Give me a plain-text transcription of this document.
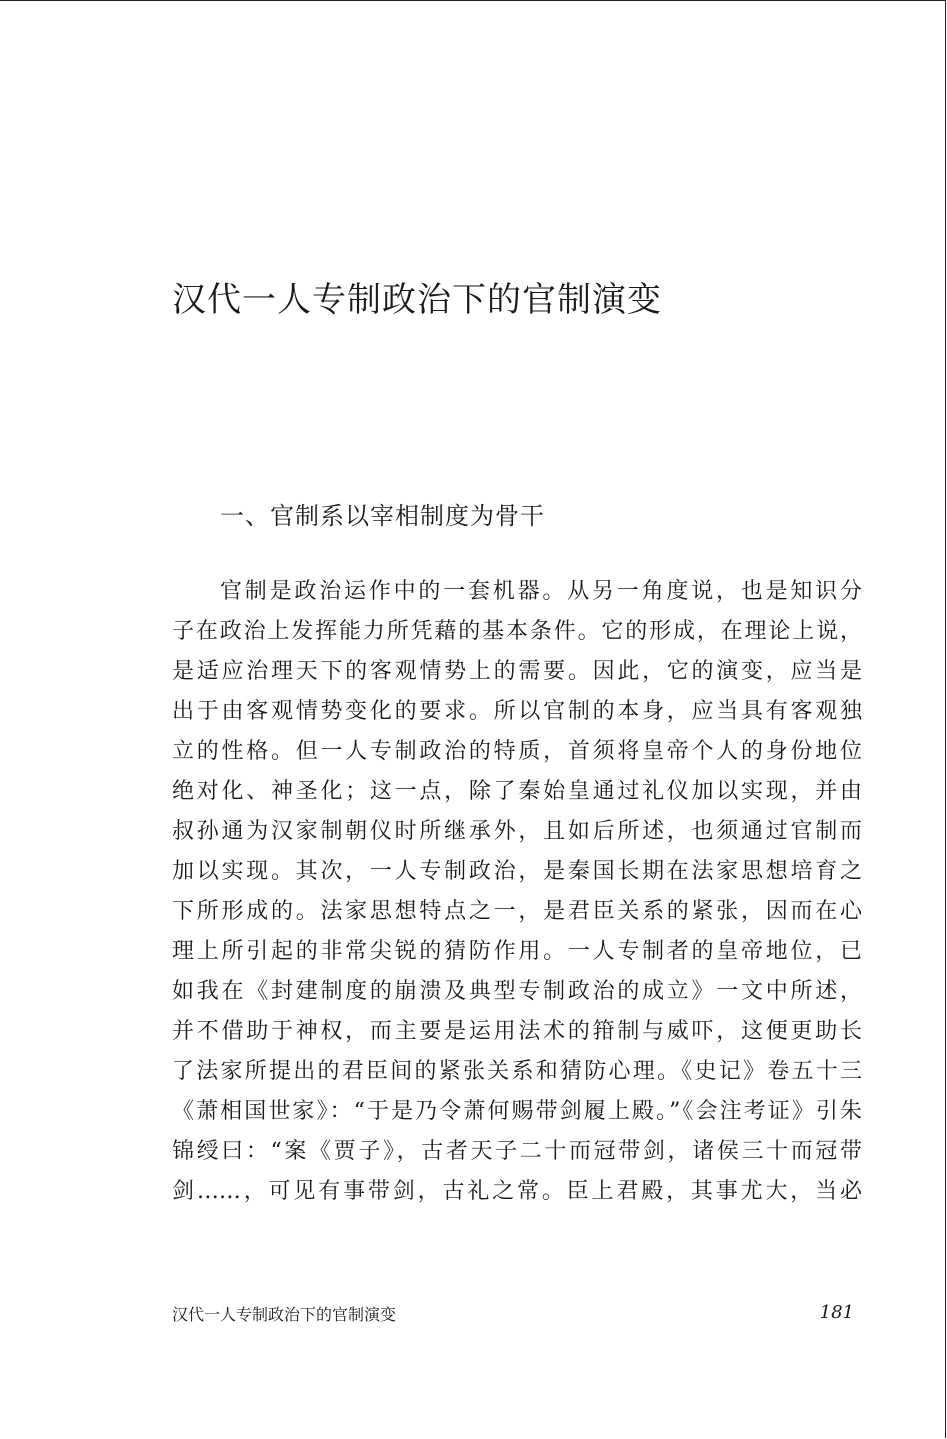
汉代一人专制政治下的官制演变
一、官制系以宰相制度为骨干
官制是政治运作中的一套机器。从另一角度说，也是知识分
子在政治上发挥能力所凭藉的基本条件。它的形成，在理论上说，
是适应治理天下的客观情势上的需要。因此，它的演变，应当是
出于由客观情势变化的要求。所以官制的本身，应当具有客观独
立的性格。但一人专制政治的特质，首须将皇帝个人的身份地位
绝对化、神圣化；这一点，除了秦始皇通过礼仪加以实现，并由
叔孙通为汉家制朝仪时所继承外，且如后所述，也须通过官制而
加以实现。其次，一人专制政治，是秦国长期在法家思想培育之
下所形成的。法家思想特点之一，是君臣关系的紧张，因而在心
理上所引起的非常尖锐的猜防作用。一人专制者的皇帝地位，已
如我在《封建制度的崩溃及典型专制政治的成立》一文中所述，
并不借助于神权，而主要是运用法术的箝制与威吓，这便更助长
了法家所提出的君臣间的紧张关系和猜防心理。《史记》卷五十三
《萧相国世家》：“于是乃令萧何赐带剑履上殿。”《会注考证》引朱
锦绶曰：“案《贾子》，古者天子二十而冠带剑，诸侯三十而冠带
剑……，可见有事带剑，古礼之常。臣上君殿，其事尤大，当必
汉代一人专制政治下的官制演变	181
